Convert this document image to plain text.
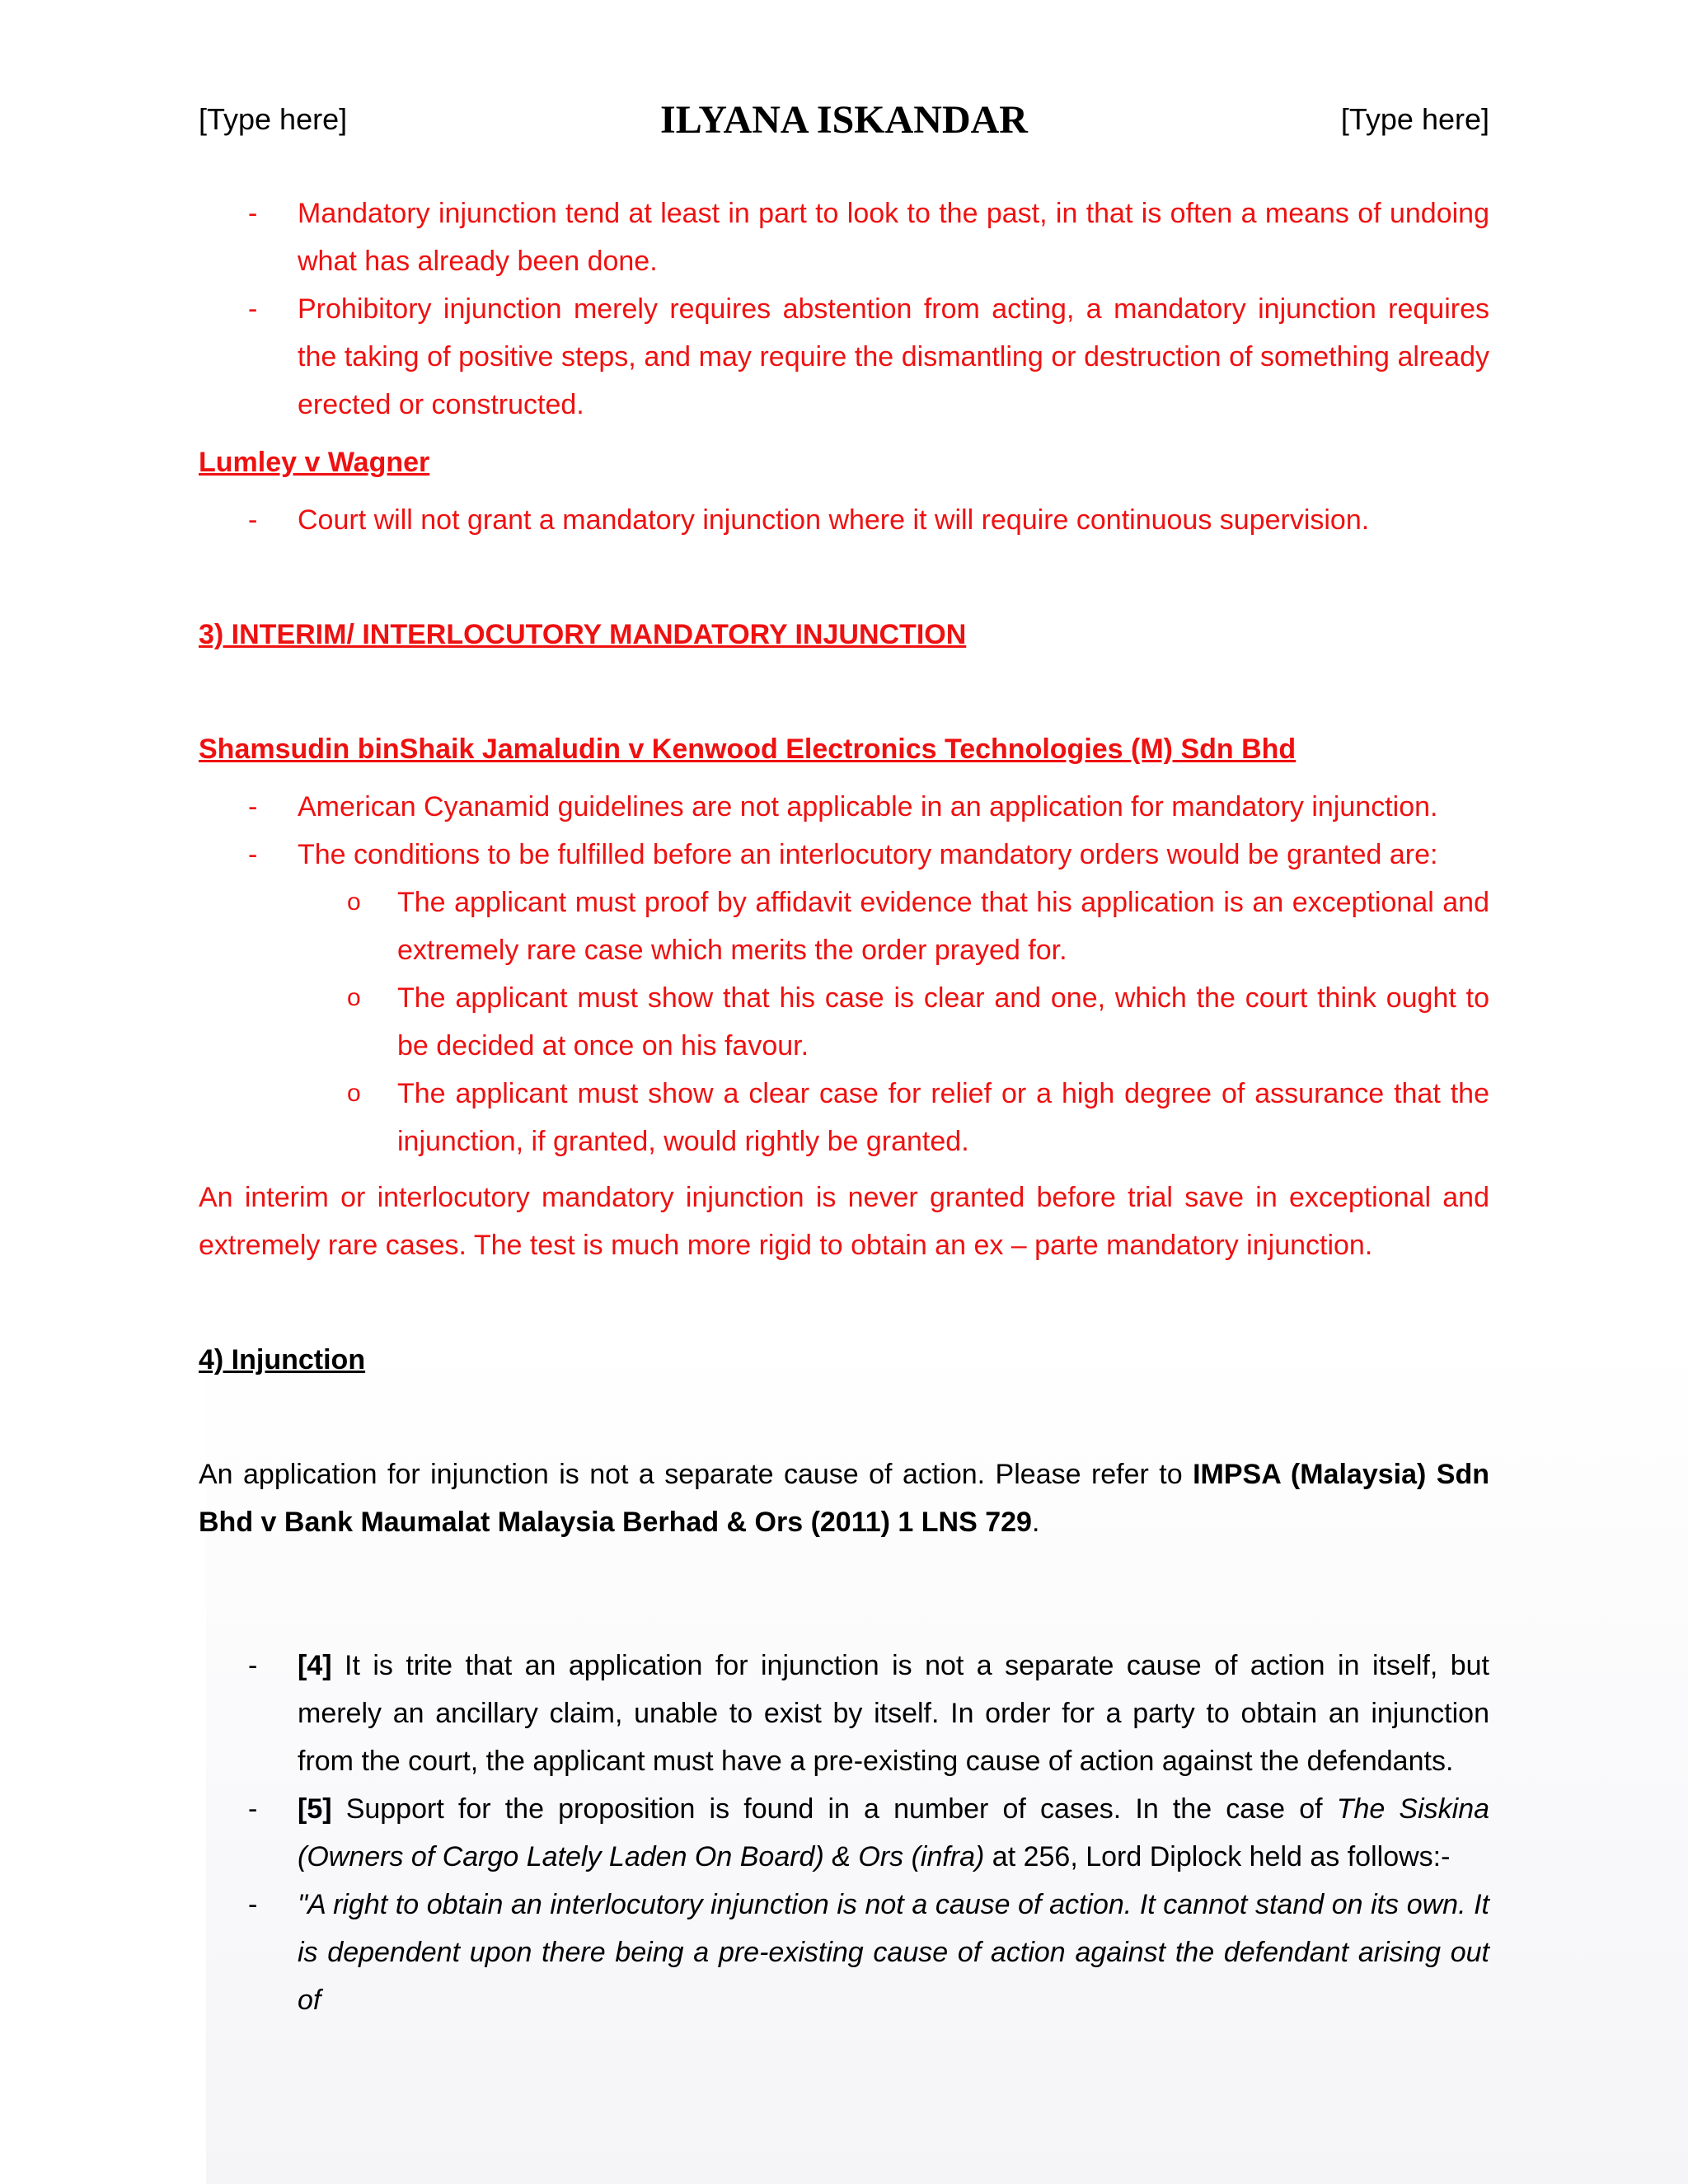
[Type here]	ILYANA ISKANDAR	[Type here]
- Mandatory injunction tend at least in part to look to the past, in that is often a means of undoing what has already been done.
- Prohibitory injunction merely requires abstention from acting, a mandatory injunction requires the taking of positive steps, and may require the dismantling or destruction of something already erected or constructed.
Lumley v Wagner
- Court will not grant a mandatory injunction where it will require continuous supervision.
3) INTERIM/ INTERLOCUTORY MANDATORY INJUNCTION
Shamsudin binShaik Jamaludin v Kenwood Electronics Technologies (M) Sdn Bhd
- American Cyanamid guidelines are not applicable in an application for mandatory injunction.
- The conditions to be fulfilled before an interlocutory mandatory orders would be granted are:
o The applicant must proof by affidavit evidence that his application is an exceptional and extremely rare case which merits the order prayed for.
o The applicant must show that his case is clear and one, which the court think ought to be decided at once on his favour.
o The applicant must show a clear case for relief or a high degree of assurance that the injunction, if granted, would rightly be granted.
An interim or interlocutory mandatory injunction is never granted before trial save in exceptional and extremely rare cases. The test is much more rigid to obtain an ex – parte mandatory injunction.
4) Injunction
An application for injunction is not a separate cause of action. Please refer to IMPSA (Malaysia) Sdn Bhd v Bank Maumalat Malaysia Berhad & Ors (2011) 1 LNS 729.
- [4] It is trite that an application for injunction is not a separate cause of action in itself, but merely an ancillary claim, unable to exist by itself. In order for a party to obtain an injunction from the court, the applicant must have a pre-existing cause of action against the defendants.
- [5] Support for the proposition is found in a number of cases. In the case of The Siskina (Owners of Cargo Lately Laden On Board) & Ors (infra) at 256, Lord Diplock held as follows:-
- "A right to obtain an interlocutory injunction is not a cause of action. It cannot stand on its own. It is dependent upon there being a pre-existing cause of action against the defendant arising out of
